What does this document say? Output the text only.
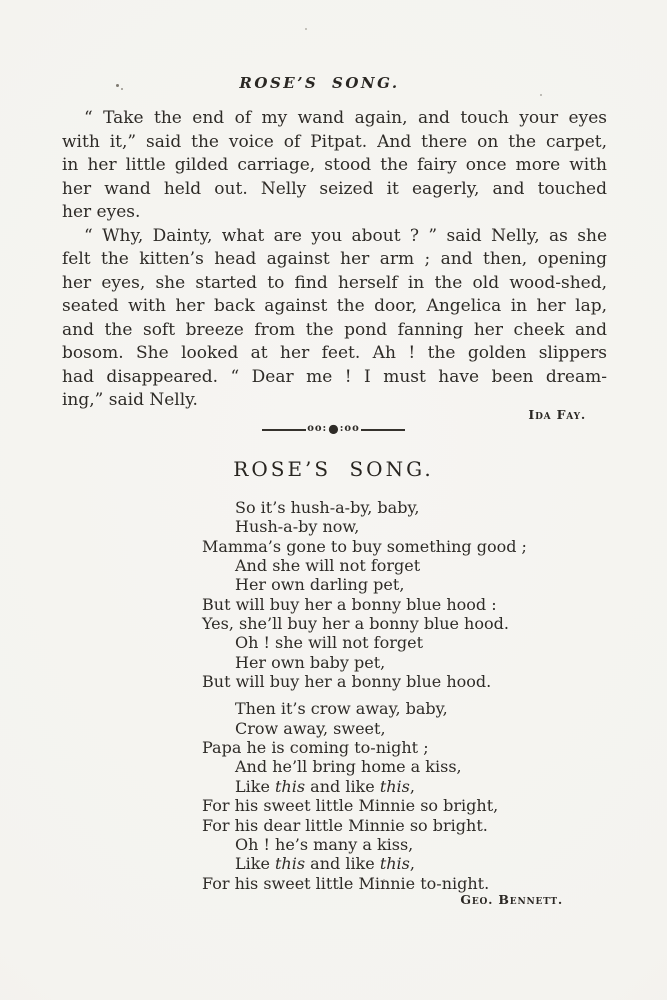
ROSE’S SONG.
“ Take the end of my wand again, and touch your eyes
with it,” said the voice of Pitpat. And there on the carpet,
in her little gilded carriage, stood the fairy once more with
her wand held out. Nelly seized it eagerly, and touched
her eyes.
“ Why, Dainty, what are you about ? ” said Nelly, as she
felt the kitten’s head against her arm ; and then, opening
her eyes, she started to find herself in the old wood-shed,
seated with her back against the door, Angelica in her lap,
and the soft breeze from the pond fanning her cheek and
bosom. She looked at her feet. Ah ! the golden slippers
had disappeared. “ Dear me ! I must have been dream-
ing,” said Nelly.
Ida Fay.
oo: ● :oo
ROSE’S SONG.
So it’s hush-a-by, baby,
Hush-a-by now,
Mamma’s gone to buy something good ;
And she will not forget
Her own darling pet,
But will buy her a bonny blue hood :
Yes, she’ll buy her a bonny blue hood.
Oh ! she will not forget
Her own baby pet,
But will buy her a bonny blue hood.
Then it’s crow away, baby,
Crow away, sweet,
Papa he is coming to-night ;
And he’ll bring home a kiss,
Like this and like this,
For his sweet little Minnie so bright,
For his dear little Minnie so bright.
Oh ! he’s many a kiss,
Like this and like this,
For his sweet little Minnie to-night.
Geo. Bennett.
